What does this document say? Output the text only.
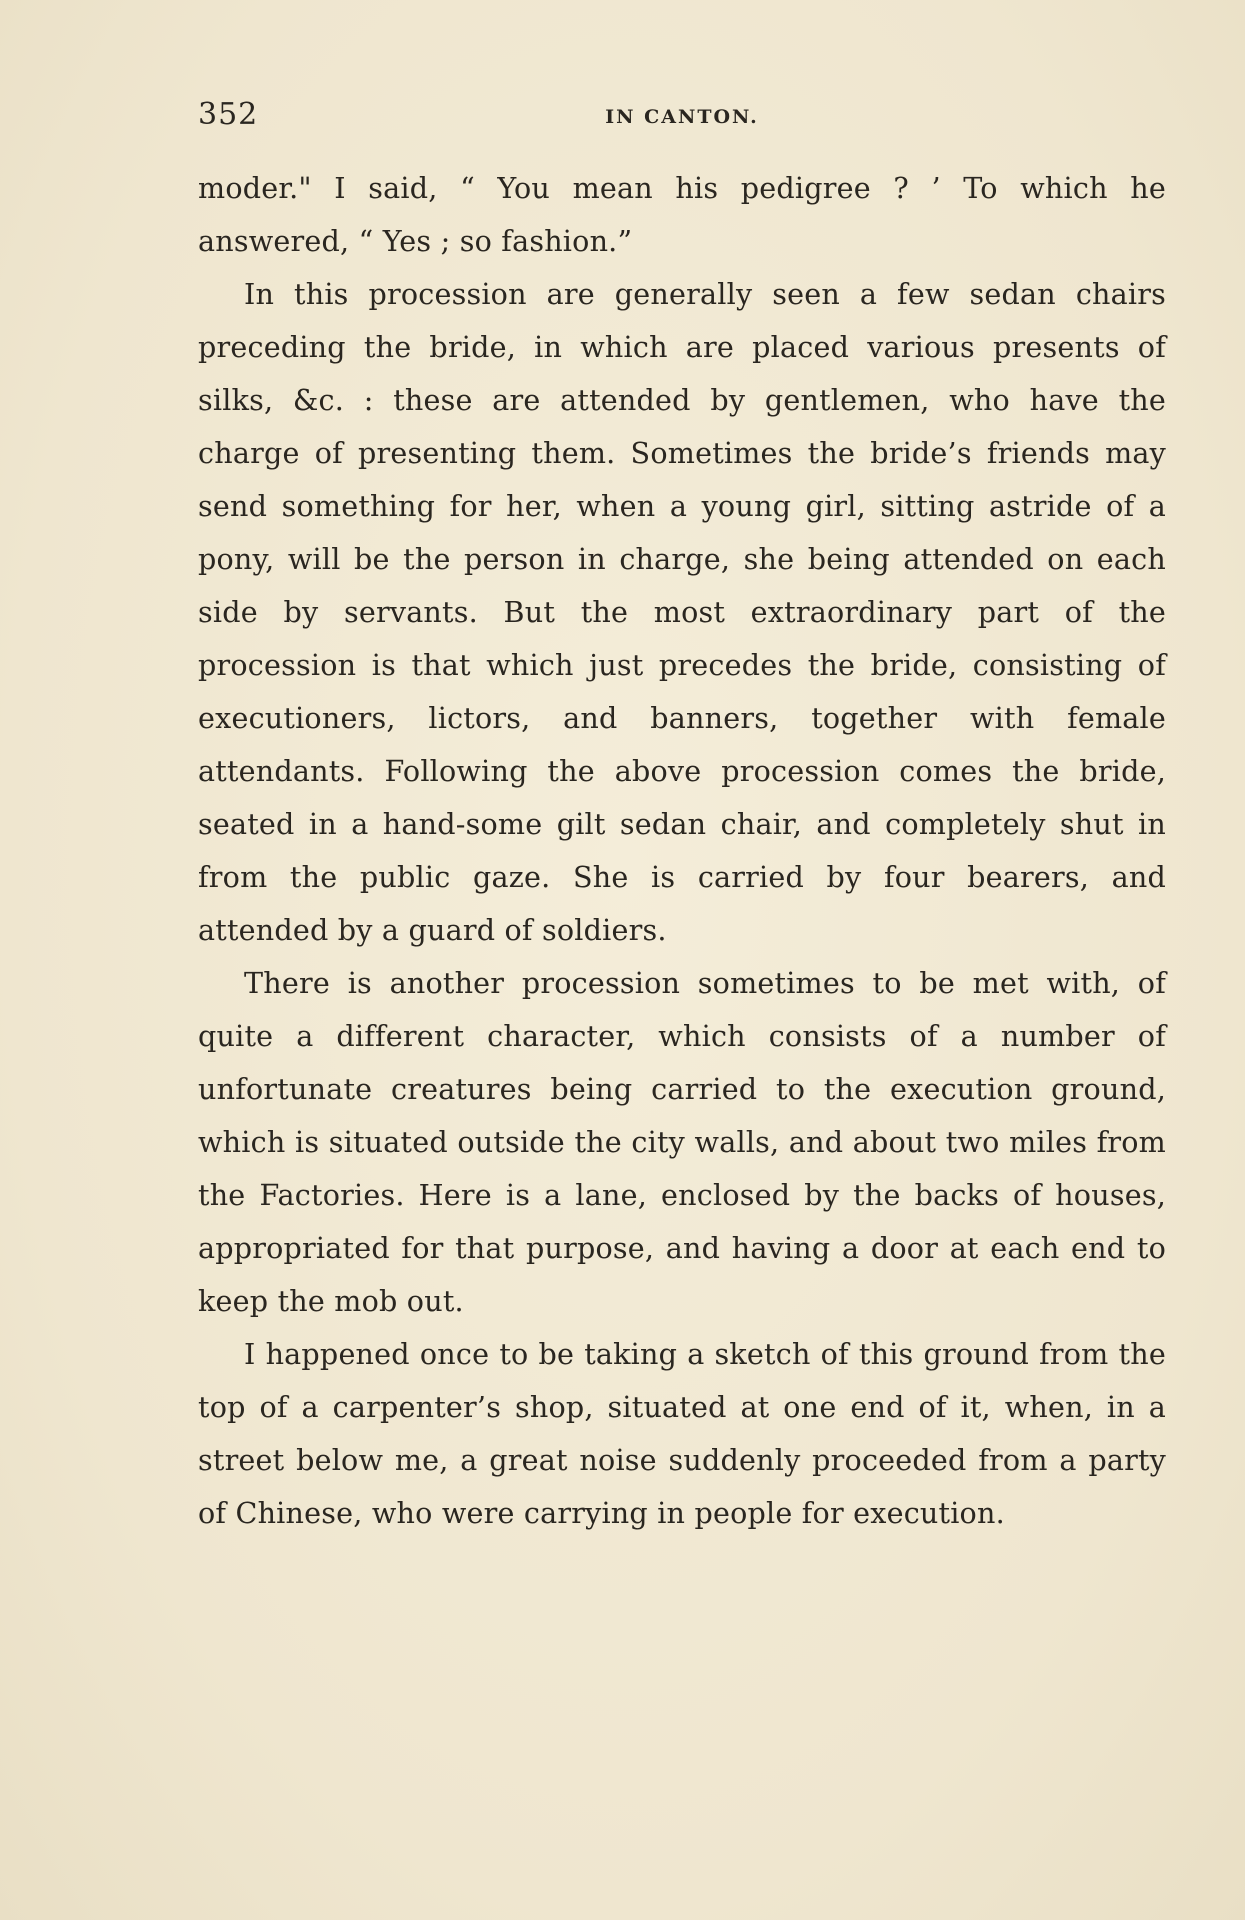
352	IN CANTON.

moder." I said, “ You mean his pedigree ? ’ To which he answered, “ Yes ; so fashion.”

In this procession are generally seen a few sedan chairs preceding the bride, in which are placed various presents of silks, &c. : these are attended by gentlemen, who have the charge of presenting them. Sometimes the bride’s friends may send something for her, when a young girl, sitting astride of a pony, will be the person in charge, she being attended on each side by servants. But the most extraordinary part of the procession is that which just precedes the bride, consisting of executioners, lictors, and banners, together with female attendants. Following the above procession comes the bride, seated in a hand-some gilt sedan chair, and completely shut in from the public gaze. She is carried by four bearers, and attended by a guard of soldiers.

There is another procession sometimes to be met with, of quite a different character, which consists of a number of unfortunate creatures being carried to the execution ground, which is situated outside the city walls, and about two miles from the Factories. Here is a lane, enclosed by the backs of houses, appropriated for that purpose, and having a door at each end to keep the mob out.

I happened once to be taking a sketch of this ground from the top of a carpenter’s shop, situated at one end of it, when, in a street below me, a great noise suddenly proceeded from a party of Chinese, who were carrying in people for execution.
